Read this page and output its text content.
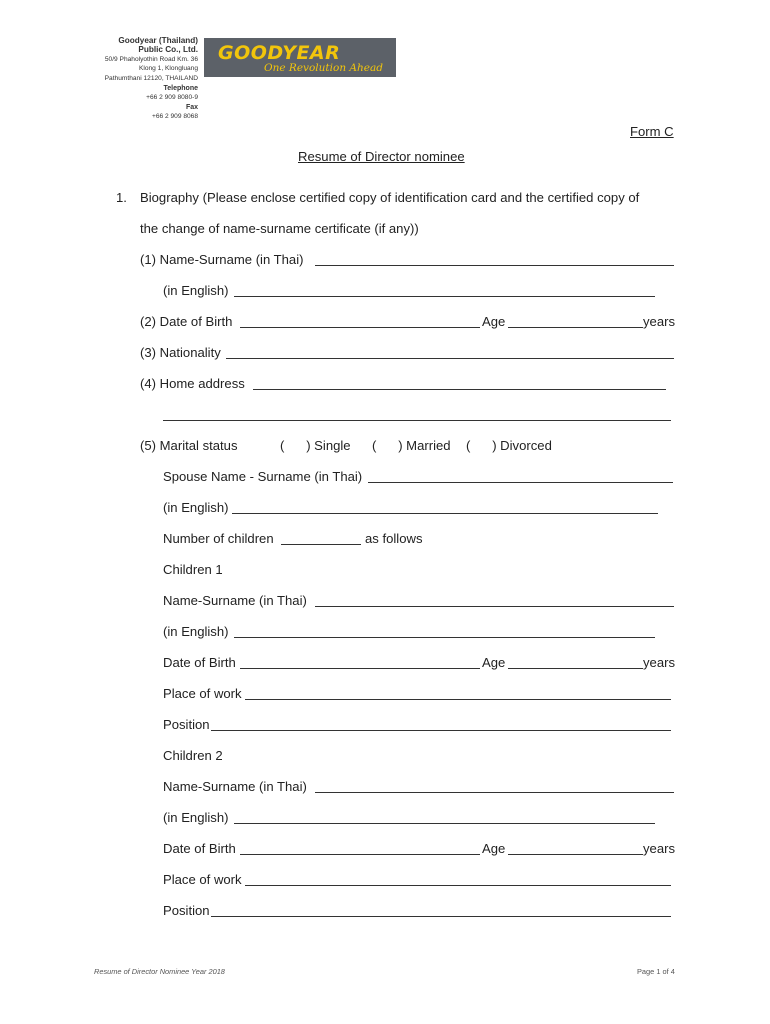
Goodyear (Thailand)
Public Co., Ltd.
50/9 Phaholyothin Road Km. 36
Klong 1, Klongluang
Pathumthani 12120, THAILAND
Telephone
+66 2 909 8080-9
Fax
+66 2 909 8068
GOODYEAR
One Revolution Ahead
Form C
Resume of Director nominee
1. Biography (Please enclose certified copy of identification card and the certified copy of
the change of name-surname certificate (if any))
(1) Name-Surname (in Thai)
(in English)
(2) Date of Birth	Age	years
(3) Nationality
(4) Home address
(5) Marital status	(      ) Single (      ) Married (      ) Divorced
Spouse Name - Surname (in Thai)
(in English)
Number of children	as follows
Children 1
Name-Surname (in Thai)
(in English)
Date of Birth	Age	years
Place of work
Position
Children 2
Name-Surname (in Thai)
(in English)
Date of Birth	Age	years
Place of work
Position
Resume of Director Nominee Year 2018	Page 1 of 4
